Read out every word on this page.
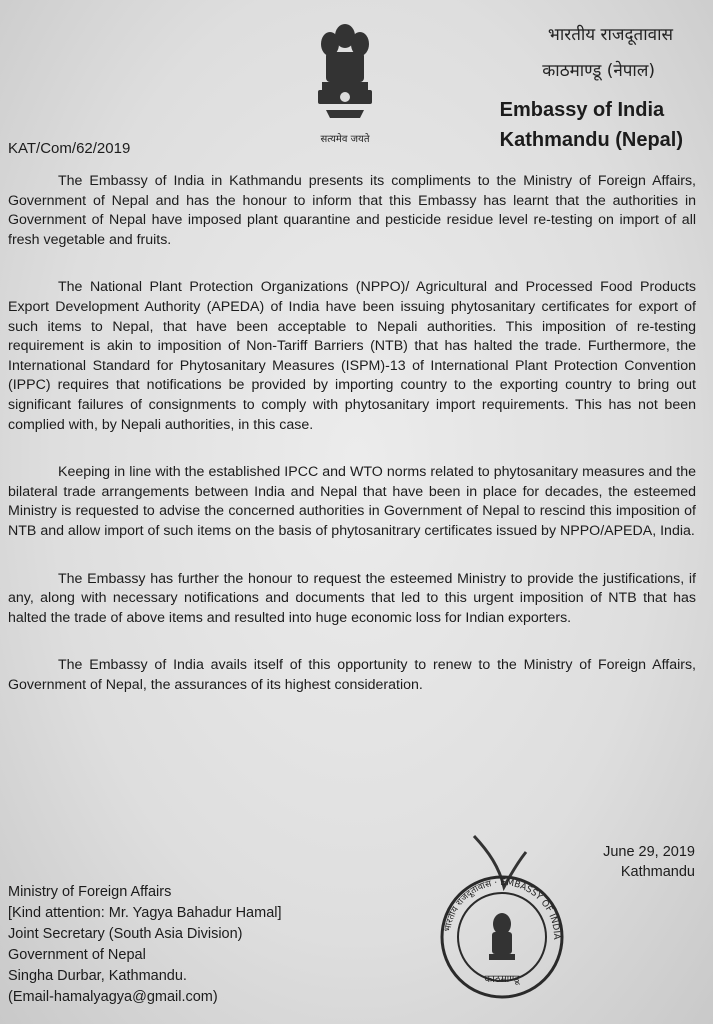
सत्यमेव जयते
भारतीय राजदूतावास
काठमाण्डू (नेपाल)
Embassy of India
Kathmandu (Nepal)
KAT/Com/62/2019

The Embassy of India in Kathmandu presents its compliments to the Ministry of Foreign Affairs, Government of Nepal and has the honour to inform that this Embassy has learnt that the authorities in Government of Nepal have imposed plant quarantine and pesticide residue level re-testing on import of all fresh vegetable and fruits.

The National Plant Protection Organizations (NPPO)/ Agricultural and Processed Food Products Export Development Authority (APEDA) of India have been issuing phytosanitary certificates for export of such items to Nepal, that have been acceptable to Nepali authorities. This imposition of re-testing requirement is akin to imposition of Non-Tariff Barriers (NTB) that has halted the trade. Furthermore, the International Standard for Phytosanitary Measures (ISPM)-13 of International Plant Protection Convention (IPPC) requires that notifications be provided by importing country to the exporting country to bring out significant failures of consignments to comply with phytosanitary import requirements. This has not been complied with, by Nepali authorities, in this case.

Keeping in line with the established IPCC and WTO norms related to phytosanitary measures and the bilateral trade arrangements between India and Nepal that have been in place for decades, the esteemed Ministry is requested to advise the concerned authorities in Government of Nepal to rescind this imposition of NTB and allow import of such items on the basis of phytosanitrary certificates issued by NPPO/APEDA, India.

The Embassy has further the honour to request the esteemed Ministry to provide the justifications, if any, along with necessary notifications and documents that led to this urgent imposition of NTB that has halted the trade of above items and resulted into huge economic loss for Indian exporters.

The Embassy of India avails itself of this opportunity to renew to the Ministry of Foreign Affairs, Government of Nepal, the assurances of its highest consideration.

June 29, 2019
Kathmandu
Ministry of Foreign Affairs
[Kind attention: Mr. Yagya Bahadur Hamal]
Joint Secretary (South Asia Division)
Government of Nepal
Singha Durbar, Kathmandu.
(Email-hamalyagya@gmail.com)
काठमाण्डू
भारतीय राजदूतावास · EMBASSY OF INDIA
